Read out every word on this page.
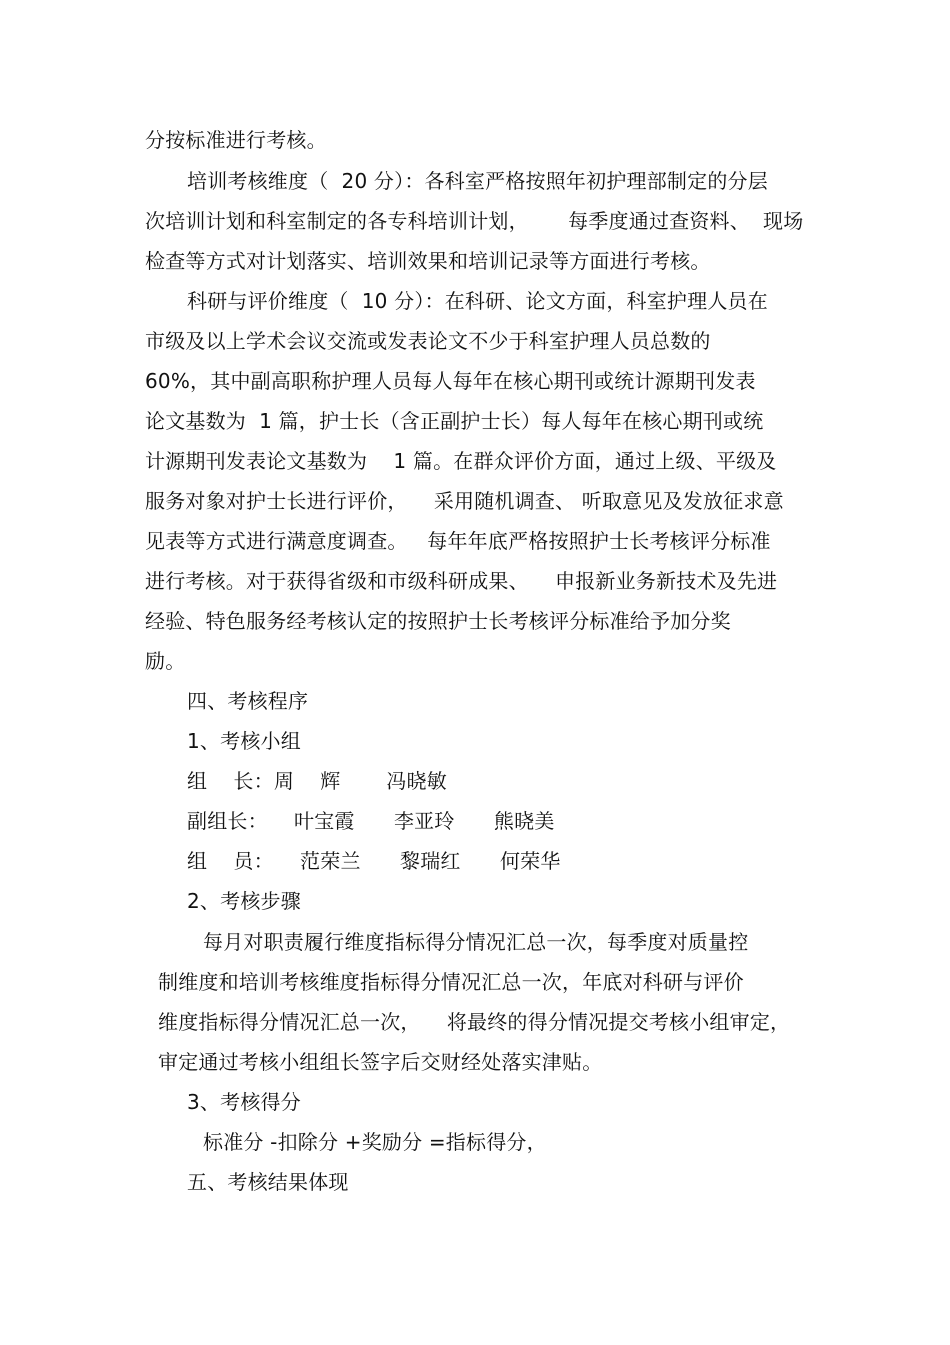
分按标准进行考核。
培训考核维度（  20 分）：各科室严格按照年初护理部制定的分层
次培训计划和科室制定的各专科培训计划，      每季度通过查资料、  现场
检查等方式对计划落实、培训效果和培训记录等方面进行考核。
科研与评价维度（  10 分）：在科研、论文方面，科室护理人员在
市级及以上学术会议交流或发表论文不少于科室护理人员总数的
60%，其中副高职称护理人员每人每年在核心期刊或统计源期刊发表
论文基数为  1 篇，护士长（含正副护士长）每人每年在核心期刊或统
计源期刊发表论文基数为    1 篇。在群众评价方面，通过上级、平级及
服务对象对护士长进行评价，    采用随机调查、 听取意见及发放征求意
见表等方式进行满意度调查。   每年年底严格按照护士长考核评分标准
进行考核。对于获得省级和市级科研成果、    申报新业务新技术及先进
经验、特色服务经考核认定的按照护士长考核评分标准给予加分奖
励。
四、考核程序
1、考核小组
组    长：周    辉       冯晓敏
副组长：    叶宝霞      李亚玲      熊晓美
组    员：    范荣兰      黎瑞红      何荣华
2、考核步骤
每月对职责履行维度指标得分情况汇总一次，每季度对质量控
制维度和培训考核维度指标得分情况汇总一次，年底对科研与评价
维度指标得分情况汇总一次，    将最终的得分情况提交考核小组审定，
审定通过考核小组组长签字后交财经处落实津贴。
3、考核得分
标准分 -扣除分 +奖励分 =指标得分，
五、考核结果体现
